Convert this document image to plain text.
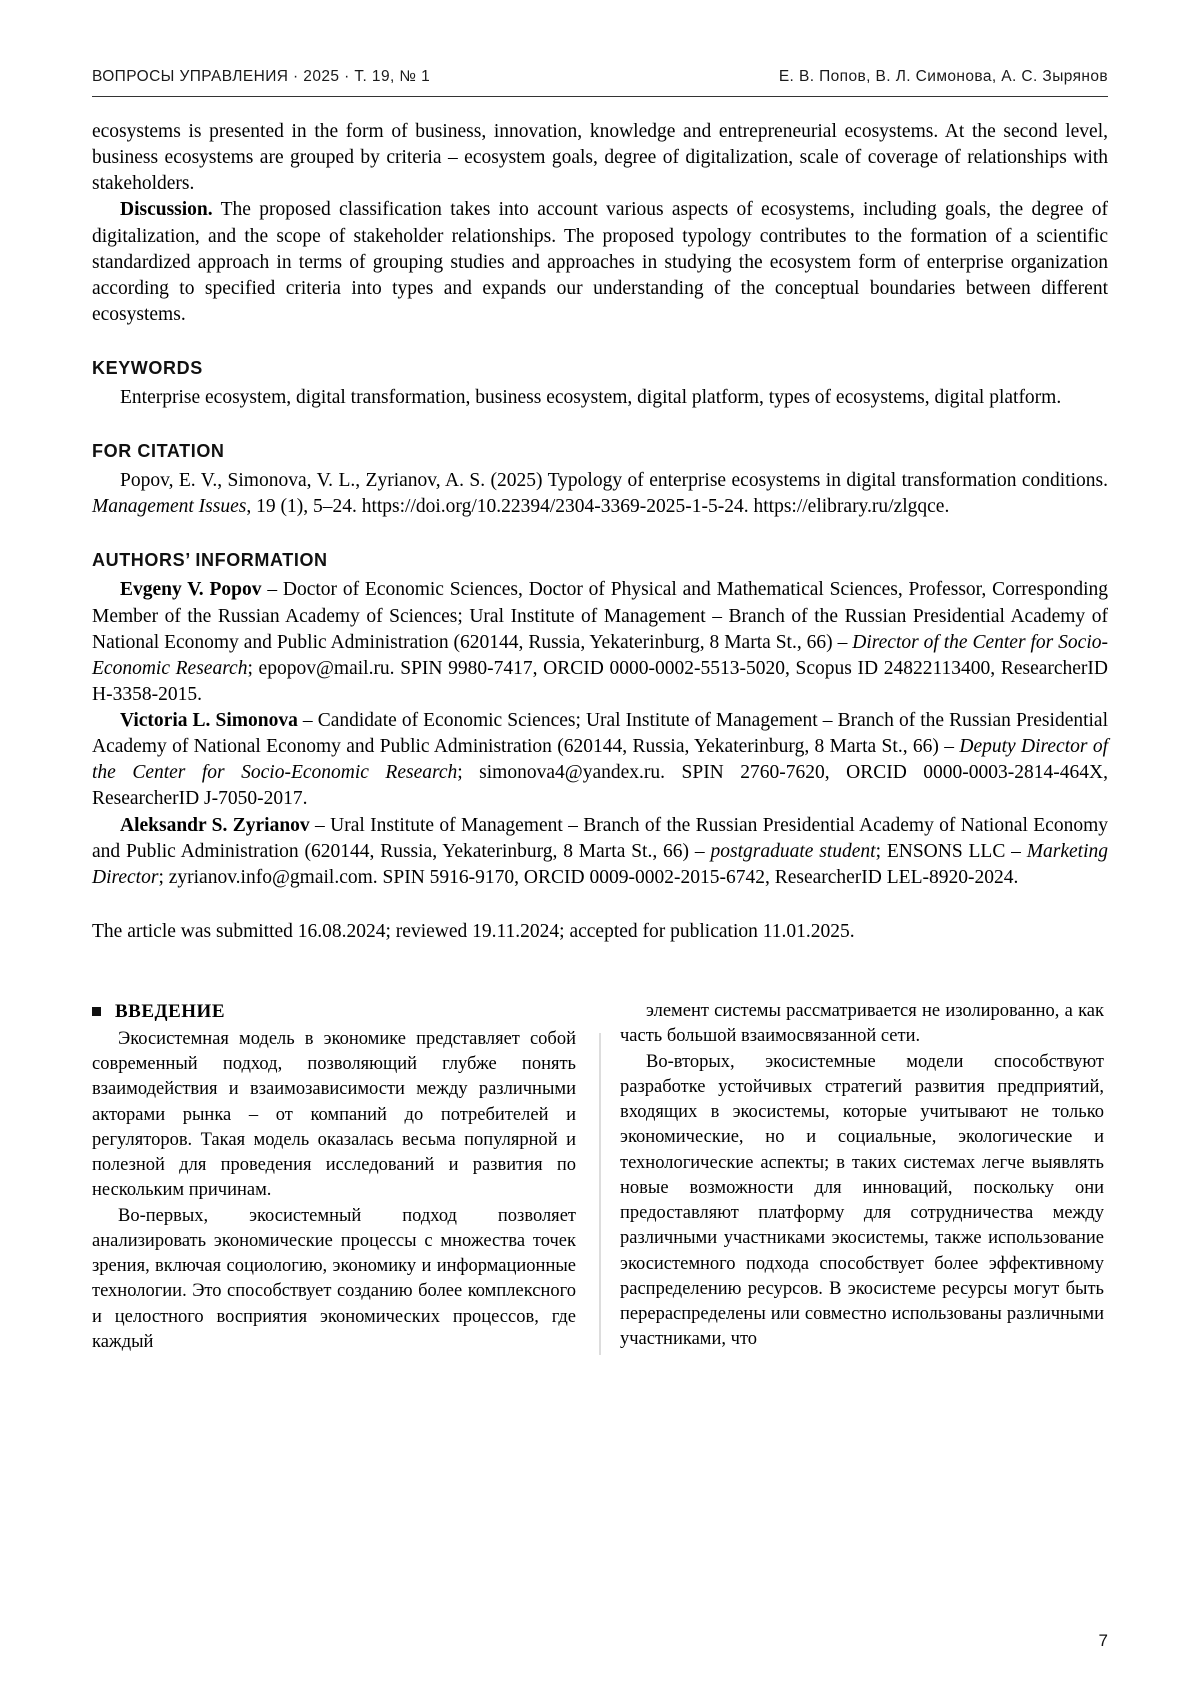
ВОПРОСЫ УПРАВЛЕНИЯ · 2025 · Т. 19, № 1	Е. В. Попов, В. Л. Симонова, А. С. Зырянов

ecosystems is presented in the form of business, innovation, knowledge and entrepreneurial ecosystems. At the second level, business ecosystems are grouped by criteria – ecosystem goals, degree of digitalization, scale of coverage of relationships with stakeholders.

Discussion. The proposed classification takes into account various aspects of ecosystems, including goals, the degree of digitalization, and the scope of stakeholder relationships. The proposed typology contributes to the formation of a scientific standardized approach in terms of grouping studies and approaches in studying the ecosystem form of enterprise organization according to specified criteria into types and expands our understanding of the conceptual boundaries between different ecosystems.

KEYWORDS

Enterprise ecosystem, digital transformation, business ecosystem, digital platform, types of ecosystems, digital platform.

FOR CITATION

Popov, E. V., Simonova, V. L., Zyrianov, A. S. (2025) Typology of enterprise ecosystems in digital transformation conditions. Management Issues, 19 (1), 5–24. https://doi.org/10.22394/2304-3369-2025-1-5-24. https://elibrary.ru/zlgqce.

AUTHORS’ INFORMATION

Evgeny V. Popov – Doctor of Economic Sciences, Doctor of Physical and Mathematical Sciences, Professor, Corresponding Member of the Russian Academy of Sciences; Ural Institute of Management – Branch of the Russian Presidential Academy of National Economy and Public Administration (620144, Russia, Yekaterinburg, 8 Marta St., 66) – Director of the Center for Socio-Economic Research; epopov@mail.ru. SPIN 9980-7417, ORCID 0000-0002-5513-5020, Scopus ID 24822113400, ResearcherID H-3358-2015.

Victoria L. Simonova – Candidate of Economic Sciences; Ural Institute of Management – Branch of the Russian Presidential Academy of National Economy and Public Administration (620144, Russia, Yekaterinburg, 8 Marta St., 66) – Deputy Director of the Center for Socio-Economic Research; simonova4@yandex.ru. SPIN 2760-7620, ORCID 0000-0003-2814-464X, ResearcherID J-7050-2017.

Aleksandr S. Zyrianov – Ural Institute of Management – Branch of the Russian Presidential Academy of National Economy and Public Administration (620144, Russia, Yekaterinburg, 8 Marta St., 66) – postgraduate student; ENSONS LLC – Marketing Director; zyrianov.info@gmail.com. SPIN 5916-9170, ORCID 0009-0002-2015-6742, ResearcherID LEL-8920-2024.

The article was submitted 16.08.2024; reviewed 19.11.2024; accepted for publication 11.01.2025.

ВВЕДЕНИЕ

Экосистемная модель в экономике представляет собой современный подход, позволяющий глубже понять взаимодействия и взаимозависимости между различными акторами рынка – от компаний до потребителей и регуляторов. Такая модель оказалась весьма популярной и полезной для проведения исследований и развития по нескольким причинам.

Во-первых, экосистемный подход позволяет анализировать экономические процессы с множества точек зрения, включая социологию, экономику и информационные технологии. Это способствует созданию более комплексного и целостного восприятия экономических процессов, где каждый

элемент системы рассматривается не изолированно, а как часть большой взаимосвязанной сети.

Во-вторых, экосистемные модели способствуют разработке устойчивых стратегий развития предприятий, входящих в экосистемы, которые учитывают не только экономические, но и социальные, экологические и технологические аспекты; в таких системах легче выявлять новые возможности для инноваций, поскольку они предоставляют платформу для сотрудничества между различными участниками экосистемы, также использование экосистемного подхода способствует более эффективному распределению ресурсов. В экосистеме ресурсы могут быть перераспределены или совместно использованы различными участниками, что

7
